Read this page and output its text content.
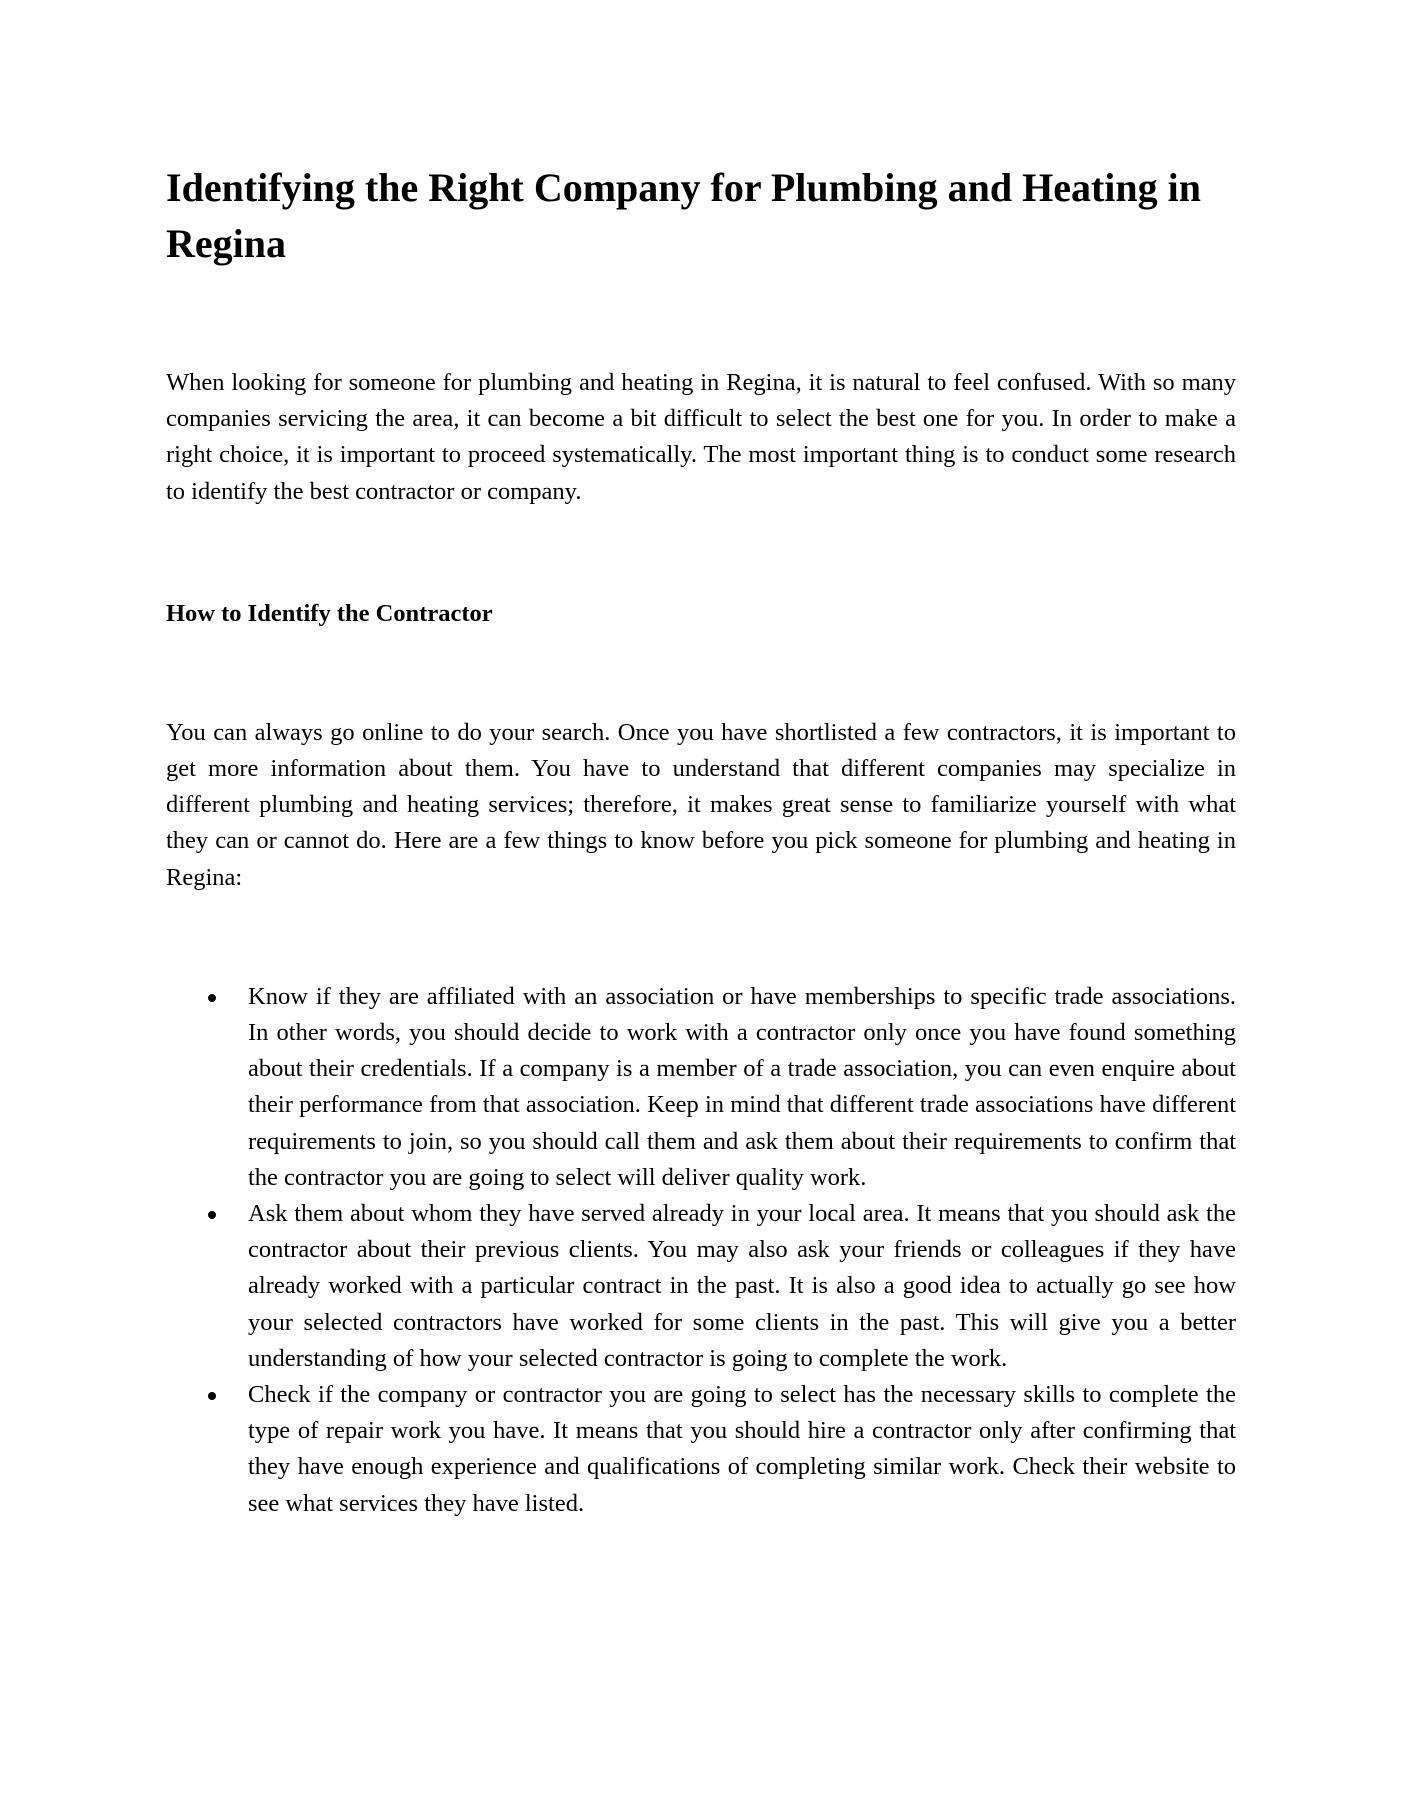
Identifying the Right Company for Plumbing and Heating in Regina

When looking for someone for plumbing and heating in Regina, it is natural to feel confused. With so many companies servicing the area, it can become a bit difficult to select the best one for you. In order to make a right choice, it is important to proceed systematically. The most important thing is to conduct some research to identify the best contractor or company.

How to Identify the Contractor

You can always go online to do your search. Once you have shortlisted a few contractors, it is important to get more information about them. You have to understand that different companies may specialize in different plumbing and heating services; therefore, it makes great sense to familiarize yourself with what they can or cannot do. Here are a few things to know before you pick someone for plumbing and heating in Regina:

Know if they are affiliated with an association or have memberships to specific trade associations. In other words, you should decide to work with a contractor only once you have found something about their credentials. If a company is a member of a trade association, you can even enquire about their performance from that association. Keep in mind that different trade associations have different requirements to join, so you should call them and ask them about their requirements to confirm that the contractor you are going to select will deliver quality work.
Ask them about whom they have served already in your local area. It means that you should ask the contractor about their previous clients. You may also ask your friends or colleagues if they have already worked with a particular contract in the past. It is also a good idea to actually go see how your selected contractors have worked for some clients in the past. This will give you a better understanding of how your selected contractor is going to complete the work.
Check if the company or contractor you are going to select has the necessary skills to complete the type of repair work you have. It means that you should hire a contractor only after confirming that they have enough experience and qualifications of completing similar work. Check their website to see what services they have listed.
